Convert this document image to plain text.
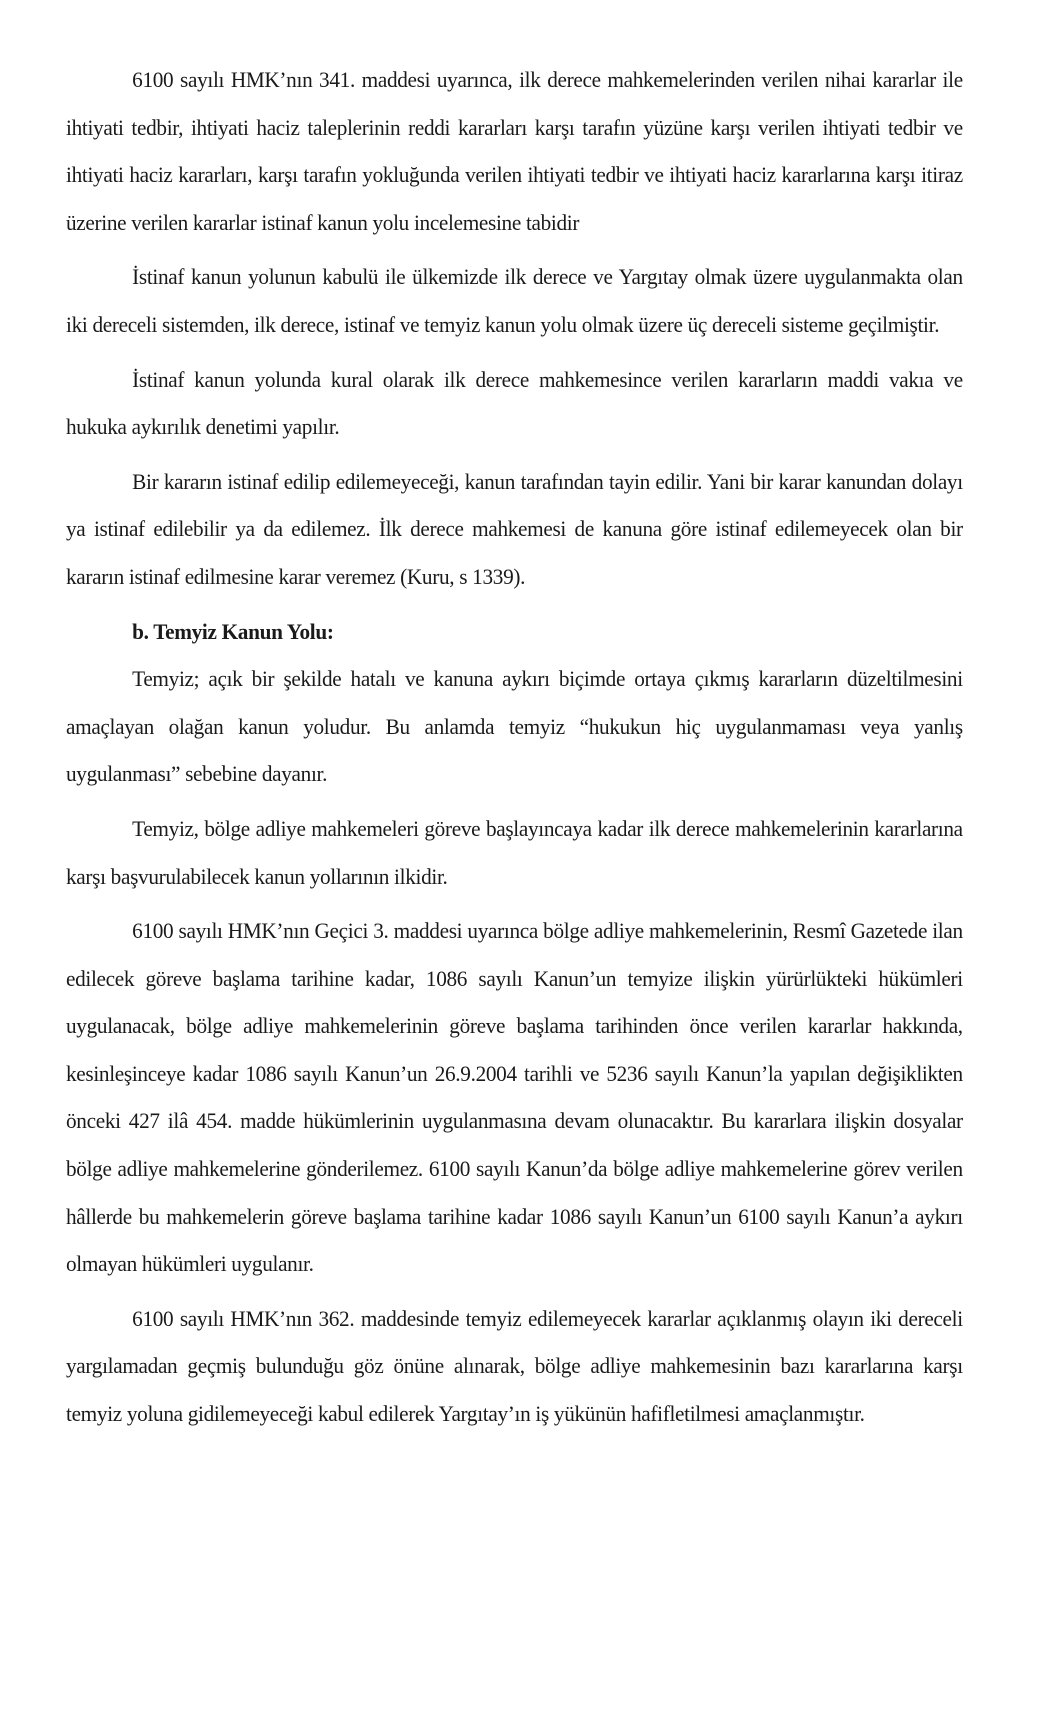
6100 sayılı HMK’nın 341. maddesi uyarınca, ilk derece mahkemelerinden verilen nihai kararlar ile ihtiyati tedbir, ihtiyati haciz taleplerinin reddi kararları karşı tarafın yüzüne karşı verilen ihtiyati tedbir ve ihtiyati haciz kararları, karşı tarafın yokluğunda verilen ihtiyati tedbir ve ihtiyati haciz kararlarına karşı itiraz üzerine verilen kararlar istinaf kanun yolu incelemesine tabidir

İstinaf kanun yolunun kabulü ile ülkemizde ilk derece ve Yargıtay olmak üzere uygulanmakta olan iki dereceli sistemden, ilk derece, istinaf ve temyiz kanun yolu olmak üzere üç dereceli sisteme geçilmiştir.

İstinaf kanun yolunda kural olarak ilk derece mahkemesince verilen kararların maddi vakıa ve hukuka aykırılık denetimi yapılır.

Bir kararın istinaf edilip edilemeyeceği, kanun tarafından tayin edilir. Yani bir karar kanundan dolayı ya istinaf edilebilir ya da edilemez. İlk derece mahkemesi de kanuna göre istinaf edilemeyecek olan bir kararın istinaf edilmesine karar veremez (Kuru, s 1339).

b. Temyiz Kanun Yolu:

Temyiz; açık bir şekilde hatalı ve kanuna aykırı biçimde ortaya çıkmış kararların düzeltilmesini amaçlayan olağan kanun yoludur. Bu anlamda temyiz “hukukun hiç uygulanmaması veya yanlış uygulanması” sebebine dayanır.

Temyiz, bölge adliye mahkemeleri göreve başlayıncaya kadar ilk derece mahkemelerinin kararlarına karşı başvurulabilecek kanun yollarının ilkidir.

6100 sayılı HMK’nın Geçici 3. maddesi uyarınca bölge adliye mahkemelerinin, Resmî Gazetede ilan edilecek göreve başlama tarihine kadar, 1086 sayılı Kanun’un temyize ilişkin yürürlükteki hükümleri uygulanacak, bölge adliye mahkemelerinin göreve başlama tarihinden önce verilen kararlar hakkında, kesinleşinceye kadar 1086 sayılı Kanun’un 26.9.2004 tarihli ve 5236 sayılı Kanun’la yapılan değişiklikten önceki 427 ilâ 454. madde hükümlerinin uygulanmasına devam olunacaktır. Bu kararlara ilişkin dosyalar bölge adliye mahkemelerine gönderilemez. 6100 sayılı Kanun’da bölge adliye mahkemelerine görev verilen hâllerde bu mahkemelerin göreve başlama tarihine kadar 1086 sayılı Kanun’un 6100 sayılı Kanun’a aykırı olmayan hükümleri uygulanır.

6100 sayılı HMK’nın 362. maddesinde temyiz edilemeyecek kararlar açıklanmış olayın iki dereceli yargılamadan geçmiş bulunduğu göz önüne alınarak, bölge adliye mahkemesinin bazı kararlarına karşı temyiz yoluna gidilemeyeceği kabul edilerek Yargıtay’ın iş yükünün hafifletilmesi amaçlanmıştır.
